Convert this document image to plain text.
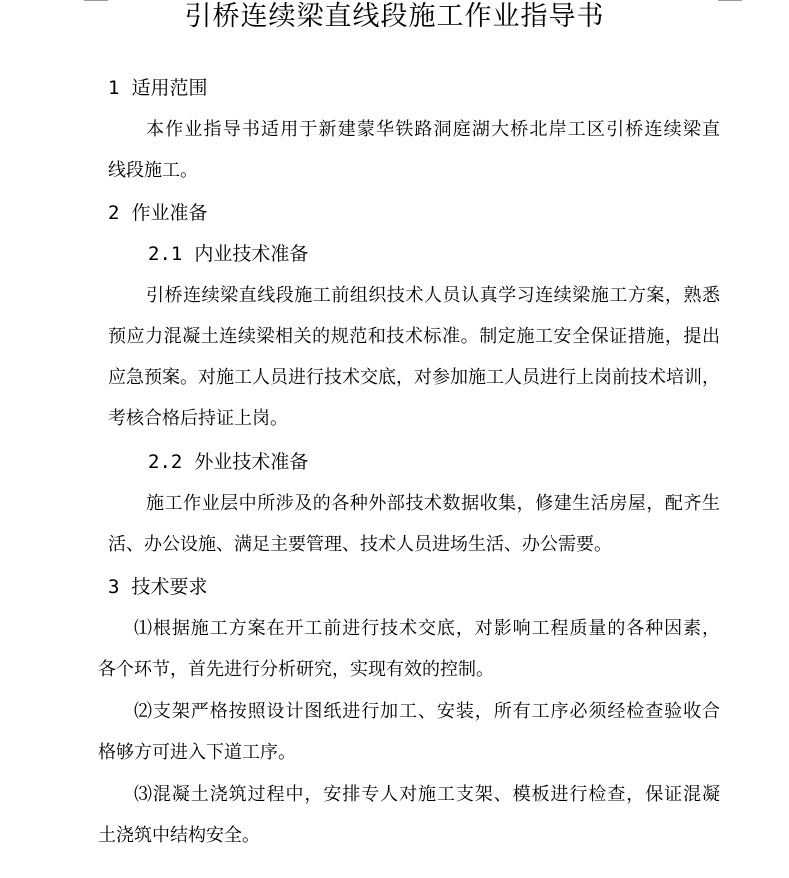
引桥连续梁直线段施工作业指导书
1 适用范围
本作业指导书适用于新建蒙华铁路洞庭湖大桥北岸工区引桥连续梁直
线段施工。
2 作业准备
2.1 内业技术准备
引桥连续梁直线段施工前组织技术人员认真学习连续梁施工方案，熟悉
预应力混凝土连续梁相关的规范和技术标准。制定施工安全保证措施，提出
应急预案。对施工人员进行技术交底，对参加施工人员进行上岗前技术培训，
考核合格后持证上岗。
2.2 外业技术准备
施工作业层中所涉及的各种外部技术数据收集，修建生活房屋，配齐生
活、办公设施、满足主要管理、技术人员进场生活、办公需要。
3 技术要求
⑴根据施工方案在开工前进行技术交底，对影响工程质量的各种因素，
各个环节，首先进行分析研究，实现有效的控制。
⑵支架严格按照设计图纸进行加工、安装，所有工序必须经检查验收合
格够方可进入下道工序。
⑶混凝土浇筑过程中，安排专人对施工支架、模板进行检查，保证混凝
土浇筑中结构安全。
